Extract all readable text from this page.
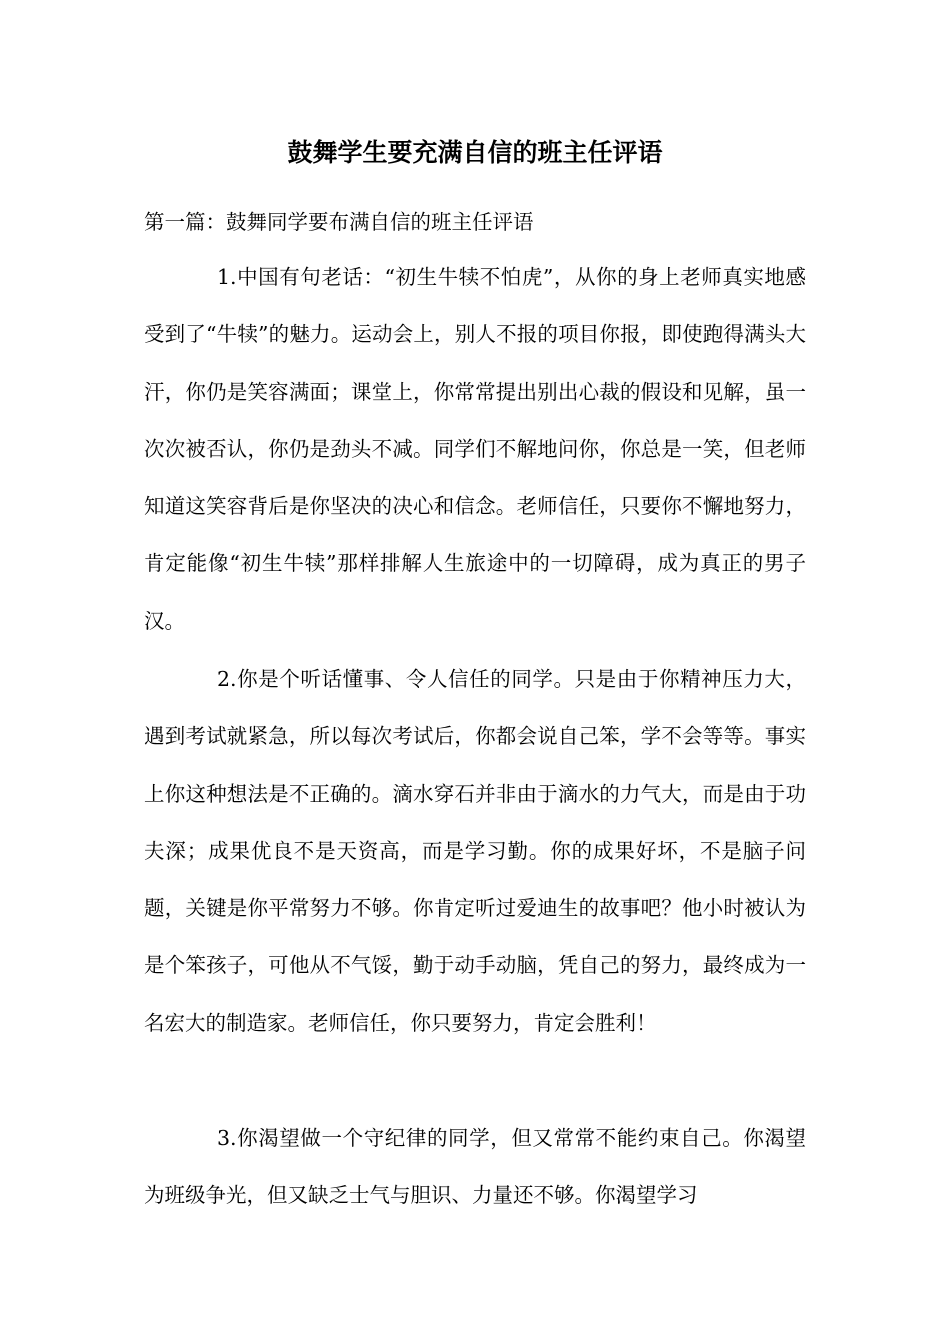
鼓舞学生要充满自信的班主任评语

第一篇：鼓舞同学要布满自信的班主任评语

1.中国有句老话：“初生牛犊不怕虎”，从你的身上老师真实地感受到了“牛犊”的魅力。运动会上，别人不报的项目你报，即使跑得满头大汗，你仍是笑容满面；课堂上，你常常提出别出心裁的假设和见解，虽一次次被否认，你仍是劲头不减。同学们不解地问你，你总是一笑，但老师知道这笑容背后是你坚决的决心和信念。老师信任，只要你不懈地努力，肯定能像“初生牛犊”那样排解人生旅途中的一切障碍，成为真正的男子汉。

2.你是个听话懂事、令人信任的同学。只是由于你精神压力大，遇到考试就紧急，所以每次考试后，你都会说自己笨，学不会等等。事实上你这种想法是不正确的。滴水穿石并非由于滴水的力气大，而是由于功夫深；成果优良不是天资高，而是学习勤。你的成果好坏，不是脑子问题，关键是你平常努力不够。你肯定听过爱迪生的故事吧？他小时被认为是个笨孩子，可他从不气馁，勤于动手动脑，凭自己的努力，最终成为一名宏大的制造家。老师信任，你只要努力，肯定会胜利！

3.你渴望做一个守纪律的同学，但又常常不能约束自己。你渴望为班级争光，但又缺乏士气与胆识、力量还不够。你渴望学习
